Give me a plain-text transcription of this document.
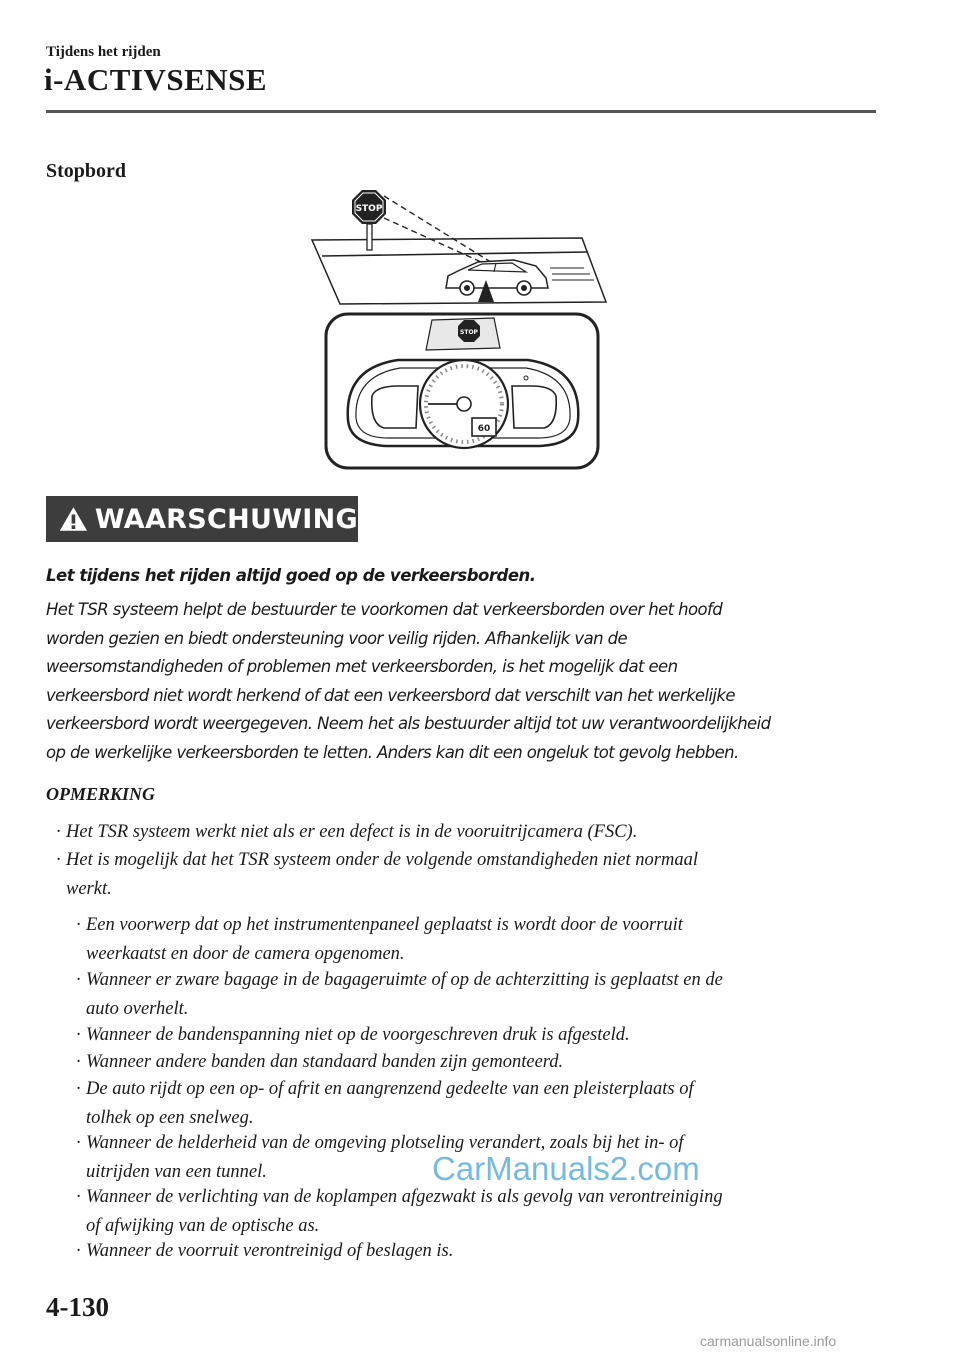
Tijdens het rijden
i-ACTIVSENSE
Stopbord
STOP
STOP
60
WAARSCHUWING
Let tijdens het rijden altijd goed op de verkeersborden.
Het TSR systeem helpt de bestuurder te voorkomen dat verkeersborden over het hoofd
worden gezien en biedt ondersteuning voor veilig rijden. Afhankelijk van de
weersomstandigheden of problemen met verkeersborden, is het mogelijk dat een
verkeersbord niet wordt herkend of dat een verkeersbord dat verschilt van het werkelijke
verkeersbord wordt weergegeven. Neem het als bestuurder altijd tot uw verantwoordelijkheid
op de werkelijke verkeersborden te letten. Anders kan dit een ongeluk tot gevolg hebben.
OPMERKING
· Het TSR systeem werkt niet als er een defect is in de vooruitrijcamera (FSC).
· Het is mogelijk dat het TSR systeem onder de volgende omstandigheden niet normaal
werkt.
· Een voorwerp dat op het instrumentenpaneel geplaatst is wordt door de voorruit
weerkaatst en door de camera opgenomen.
· Wanneer er zware bagage in de bagageruimte of op de achterzitting is geplaatst en de
auto overhelt.
· Wanneer de bandenspanning niet op de voorgeschreven druk is afgesteld.
· Wanneer andere banden dan standaard banden zijn gemonteerd.
· De auto rijdt op een op- of afrit en aangrenzend gedeelte van een pleisterplaats of
tolhek op een snelweg.
· Wanneer de helderheid van de omgeving plotseling verandert, zoals bij het in- of
uitrijden van een tunnel.
· Wanneer de verlichting van de koplampen afgezwakt is als gevolg van verontreiniging
of afwijking van de optische as.
· Wanneer de voorruit verontreinigd of beslagen is.
CarManuals2.com
4-130
carmanualsonline.info
